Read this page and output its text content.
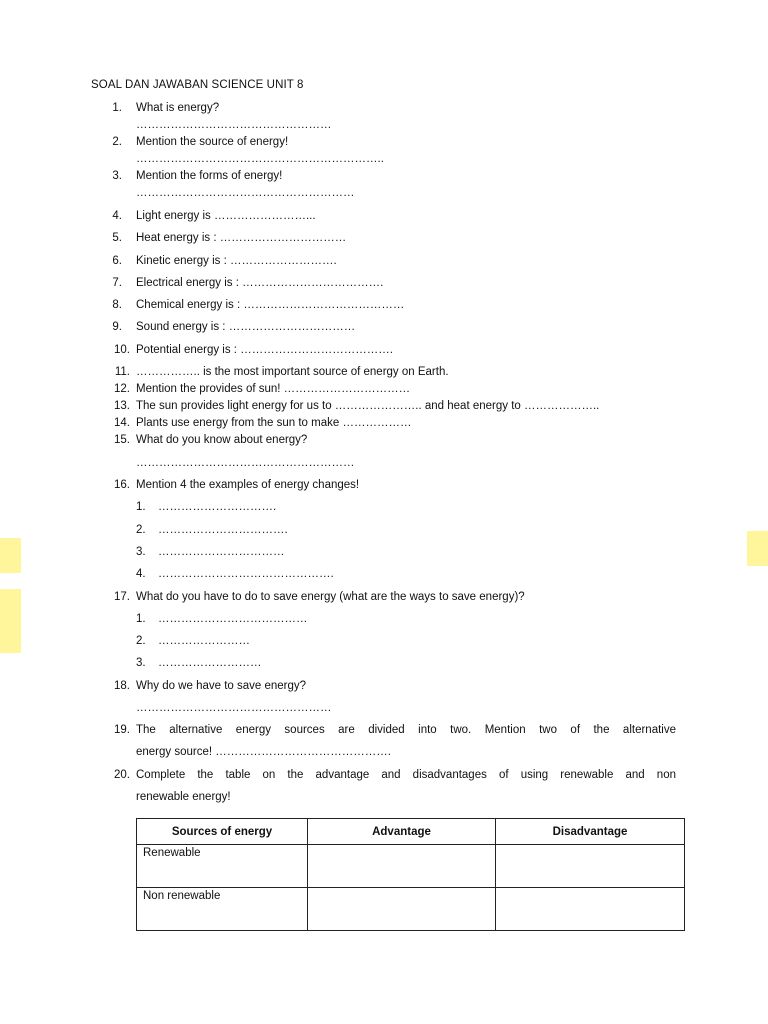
SOAL DAN JAWABAN SCIENCE UNIT 8
1. What is energy?
……………………………………………
2. Mention the source of energy!
………………………………………………………..
3. Mention the forms of energy!
…………………………………………………
4. Light energy is ……………………...
5. Heat energy is : ……………………………
6. Kinetic energy is : ……………………….
7. Electrical energy is : ……………………………….
8. Chemical energy is : ……………………………………
9. Sound energy is : ……………………………
10. Potential energy is : ………………………………….
11. …………….. is the most important source of energy on Earth.
12. Mention the provides of sun! ……………………………
13. The sun provides light energy for us to ………………….. and heat energy to ………………..
14. Plants use energy from the sun to make ………………
15. What do you know about energy?
…………………………………………………
16. Mention 4 the examples of energy changes!
1. ………………………….
2. …………………………….
3. ……………………………
4. ……………………………………….
17. What do you have to do to save energy (what are the ways to save energy)?
1. …………………………………
2. ……………………
3. ………………………
18. Why do we have to save energy?
……………………………………………
19. The alternative energy sources are divided into two. Mention two of the alternative
energy source! ……………………………………….
20. Complete the table on the advantage and disadvantages of using renewable and non
renewable energy!
Sources of energy	Advantage	Disadvantage
Renewable		
Non renewable		
